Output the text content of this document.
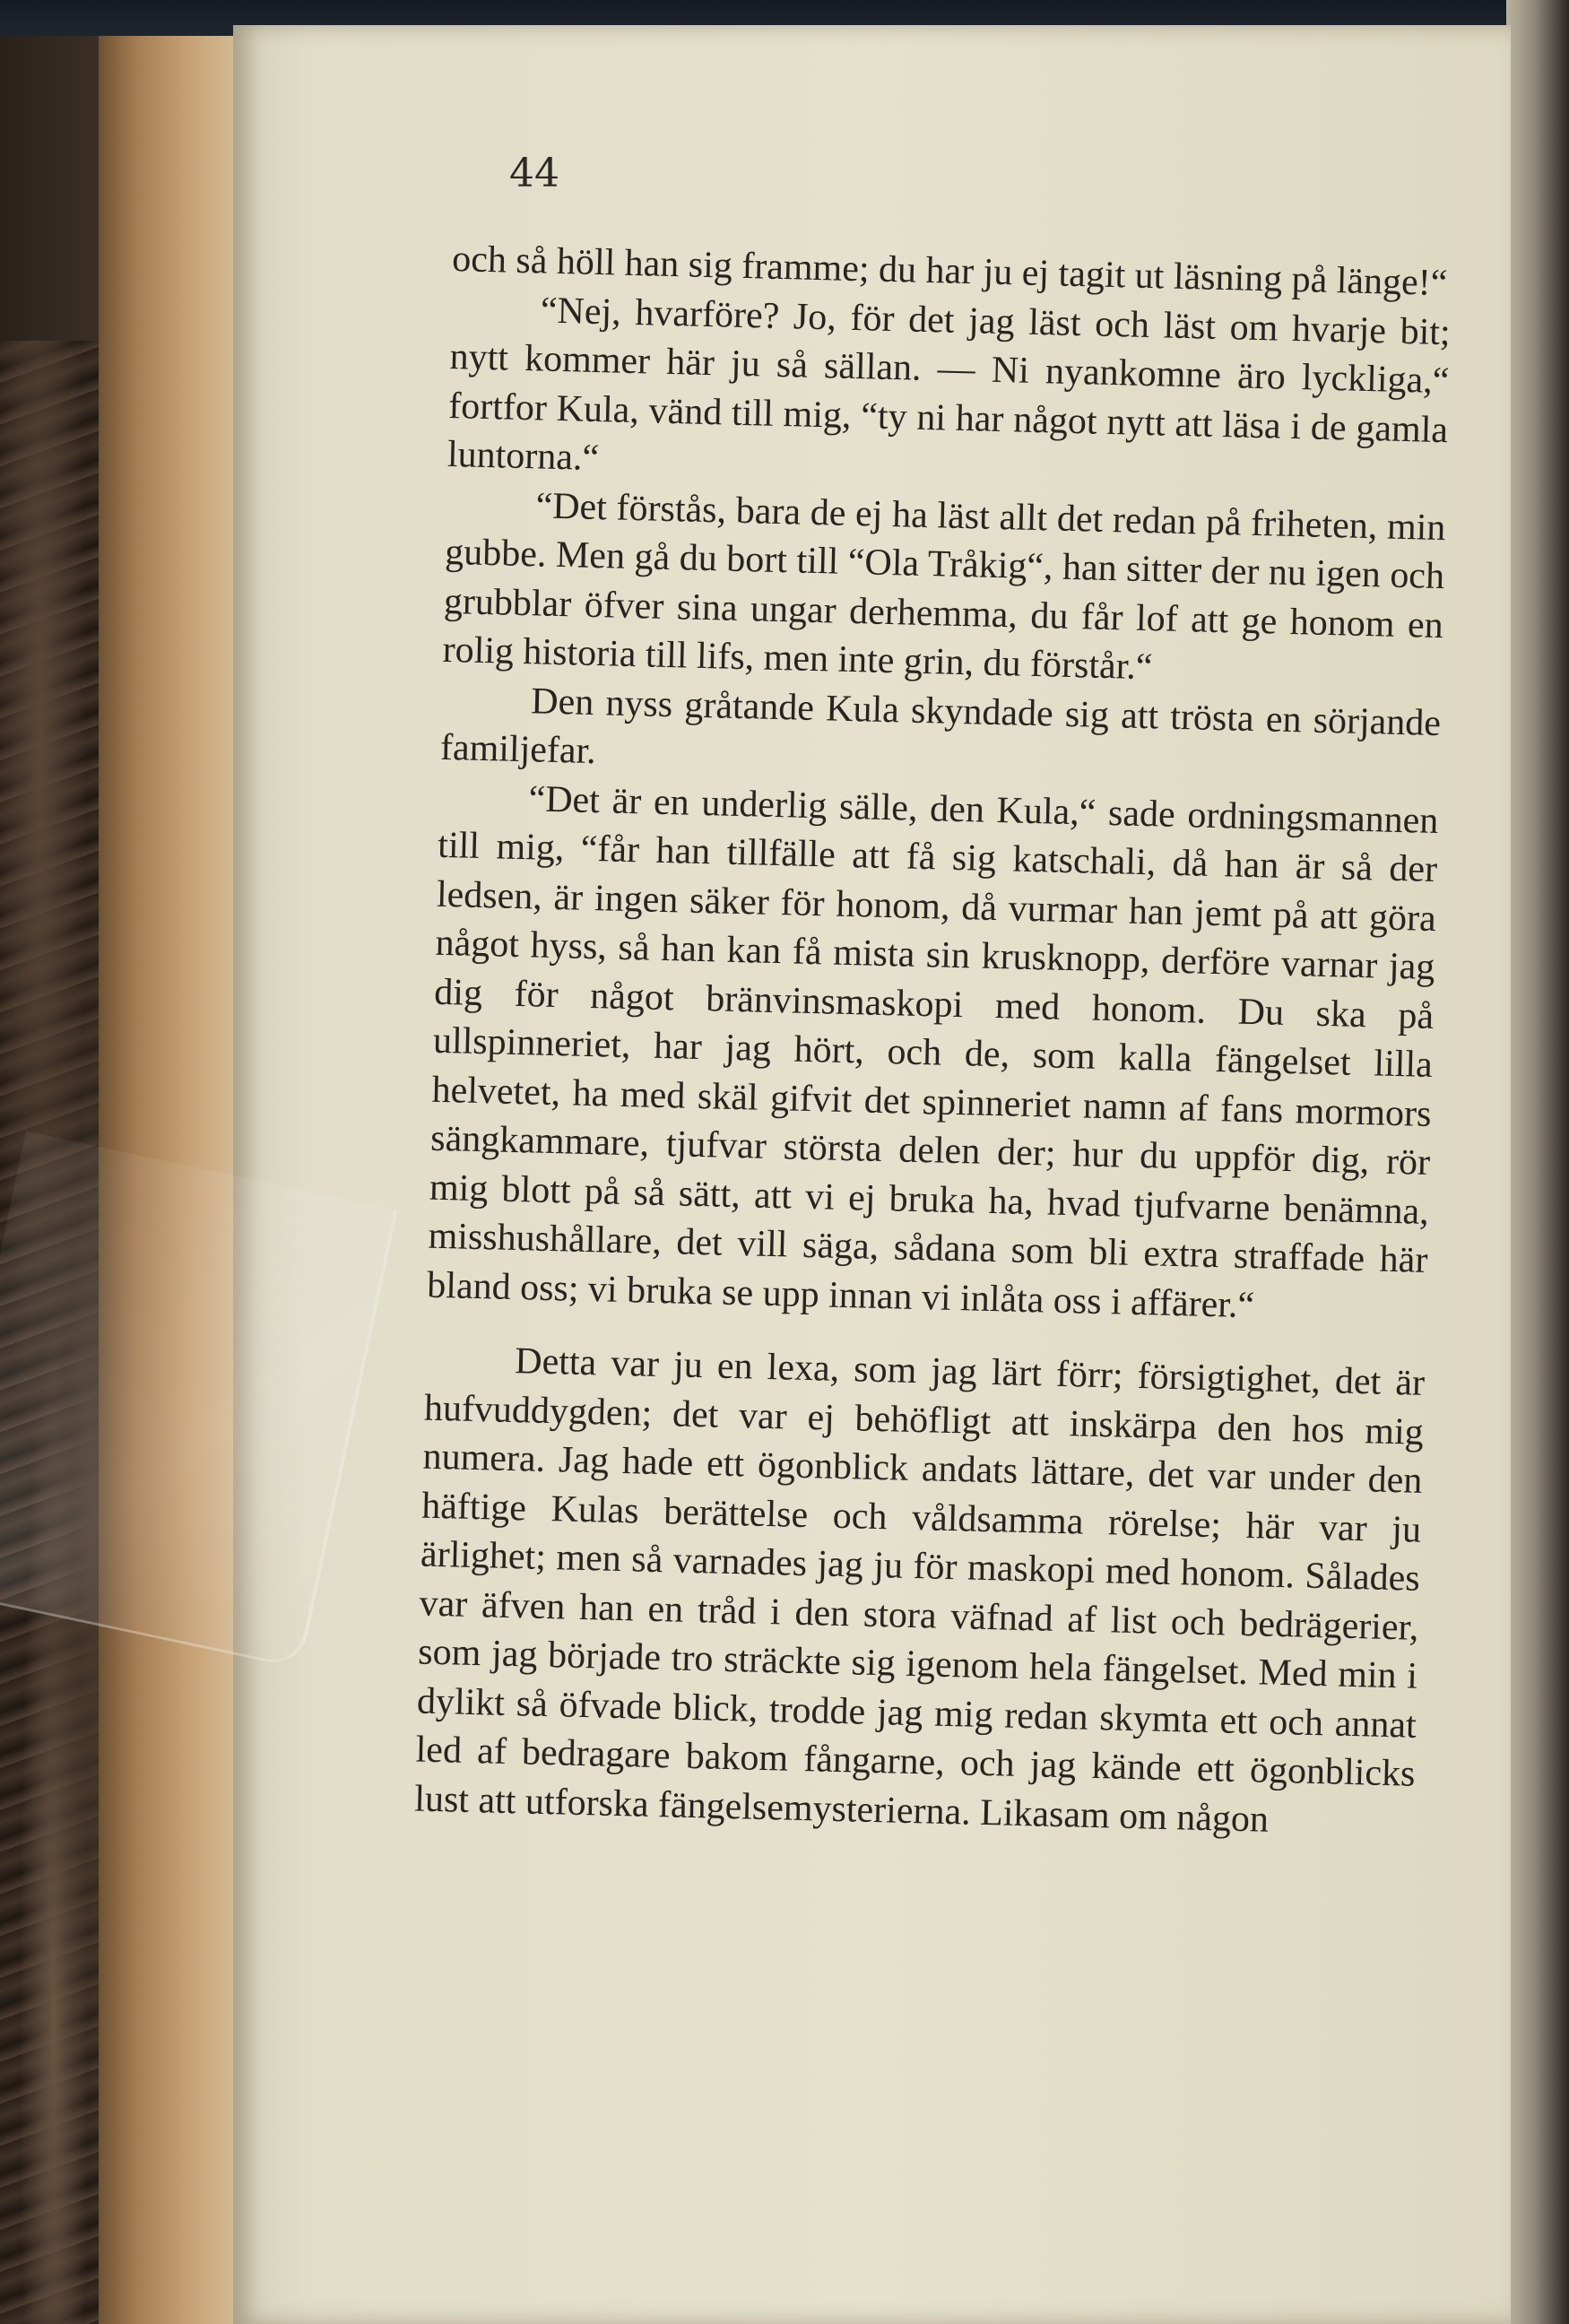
44

och så höll han sig framme; du har ju ej tagit ut läsning på länge!“

“Nej, hvarföre? Jo, för det jag läst och läst om hvarje bit; nytt kommer här ju så sällan. — Ni nyankomne äro lyckliga,“ fortfor Kula, vänd till mig, “ty ni har något nytt att läsa i de gamla luntorna.“

“Det förstås, bara de ej ha läst allt det redan på friheten, min gubbe. Men gå du bort till “Ola Tråkig“, han sitter der nu igen och grubblar öfver sina ungar derhemma, du får lof att ge honom en rolig historia till lifs, men inte grin, du förstår.“

Den nyss gråtande Kula skyndade sig att trösta en sörjande familjefar.

“Det är en underlig sälle, den Kula,“ sade ordningsmannen till mig, “får han tillfälle att få sig katschali, då han är så der ledsen, är ingen säker för honom, då vurmar han jemt på att göra något hyss, så han kan få mista sin krusknopp, derföre varnar jag dig för något bränvinsmaskopi med honom. Du ska på ullspinneriet, har jag hört, och de, som kalla fängelset lilla helvetet, ha med skäl gifvit det spinneriet namn af fans mormors sängkammare, tjufvar största delen der; hur du uppför dig, rör mig blott på så sätt, att vi ej bruka ha, hvad tjufvarne benämna, misshushållare, det vill säga, sådana som bli extra straffade här bland oss; vi bruka se upp innan vi inlåta oss i affärer.“

Detta var ju en lexa, som jag lärt förr; försigtighet, det är hufvuddygden; det var ej behöfligt att inskärpa den hos mig numera. Jag hade ett ögonblick andats lättare, det var under den häftige Kulas berättelse och våldsamma rörelse; här var ju ärlighet; men så varnades jag ju för maskopi med honom. Sålades var äfven han en tråd i den stora väfnad af list och bedrägerier, som jag började tro sträckte sig igenom hela fängelset. Med min i dylikt så öfvade blick, trodde jag mig redan skymta ett och annat led af bedragare bakom fångarne, och jag kände ett ögonblicks lust att utforska fängelsemysterierna. Likasam om någon
